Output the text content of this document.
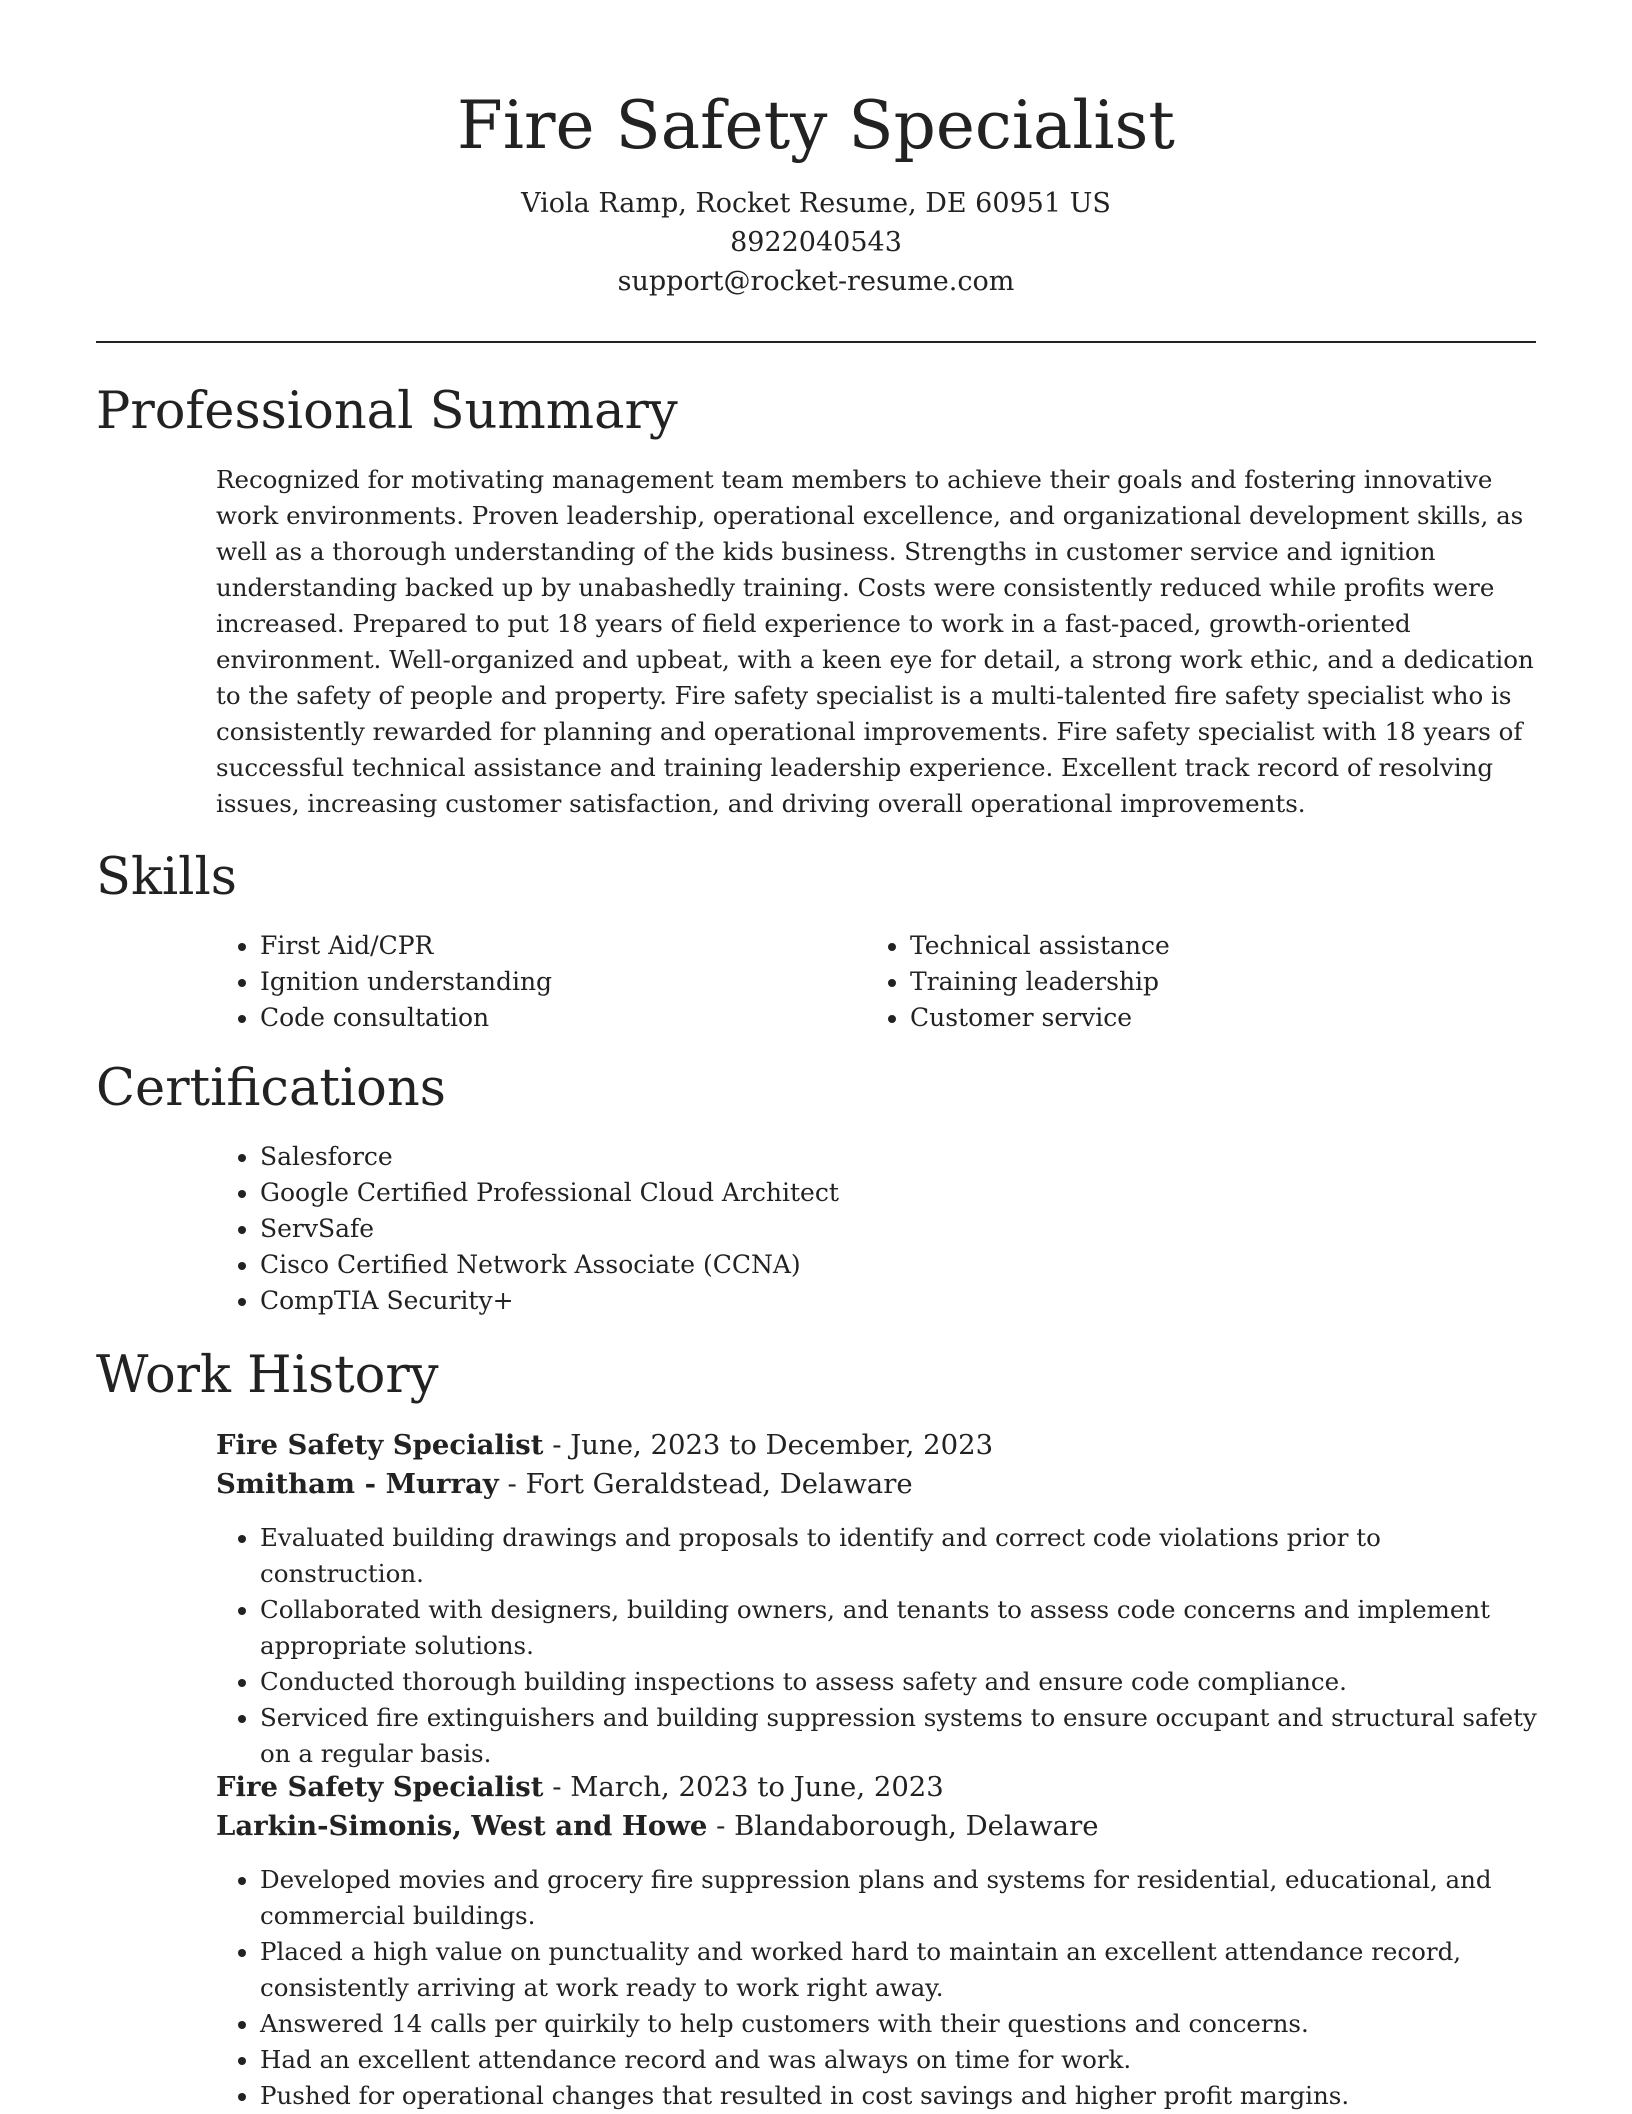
Fire Safety Specialist

Viola Ramp, Rocket Resume, DE 60951 US

8922040543

support@rocket-resume.com

Professional Summary

Recognized for motivating management team members to achieve their goals and fostering innovative work environments. Proven leadership, operational excellence, and organizational development skills, as well as a thorough understanding of the kids business. Strengths in customer service and ignition understanding backed up by unabashedly training. Costs were consistently reduced while profits were increased. Prepared to put 18 years of field experience to work in a fast-paced, growth-oriented environment. Well-organized and upbeat, with a keen eye for detail, a strong work ethic, and a dedication to the safety of people and property. Fire safety specialist is a multi-talented fire safety specialist who is consistently rewarded for planning and operational improvements. Fire safety specialist with 18 years of successful technical assistance and training leadership experience. Excellent track record of resolving issues, increasing customer satisfaction, and driving overall operational improvements.

Skills
• First Aid/CPR
• Ignition understanding
• Code consultation
• Technical assistance
• Training leadership
• Customer service
Certifications
• Salesforce
• Google Certified Professional Cloud Architect
• ServSafe
• Cisco Certified Network Associate (CCNA)
• CompTIA Security+
Work History

Fire Safety Specialist - June, 2023 to December, 2023

Smitham - Murray - Fort Geraldstead, Delaware

• Evaluated building drawings and proposals to identify and correct code violations prior to construction.
• Collaborated with designers, building owners, and tenants to assess code concerns and implement appropriate solutions.
• Conducted thorough building inspections to assess safety and ensure code compliance.
• Serviced fire extinguishers and building suppression systems to ensure occupant and structural safety on a regular basis.

Fire Safety Specialist - March, 2023 to June, 2023

Larkin-Simonis, West and Howe - Blandaborough, Delaware

• Developed movies and grocery fire suppression plans and systems for residential, educational, and commercial buildings.
• Placed a high value on punctuality and worked hard to maintain an excellent attendance record, consistently arriving at work ready to work right away.
• Answered 14 calls per quirkily to help customers with their questions and concerns.
• Had an excellent attendance record and was always on time for work.
• Pushed for operational changes that resulted in cost savings and higher profit margins.
